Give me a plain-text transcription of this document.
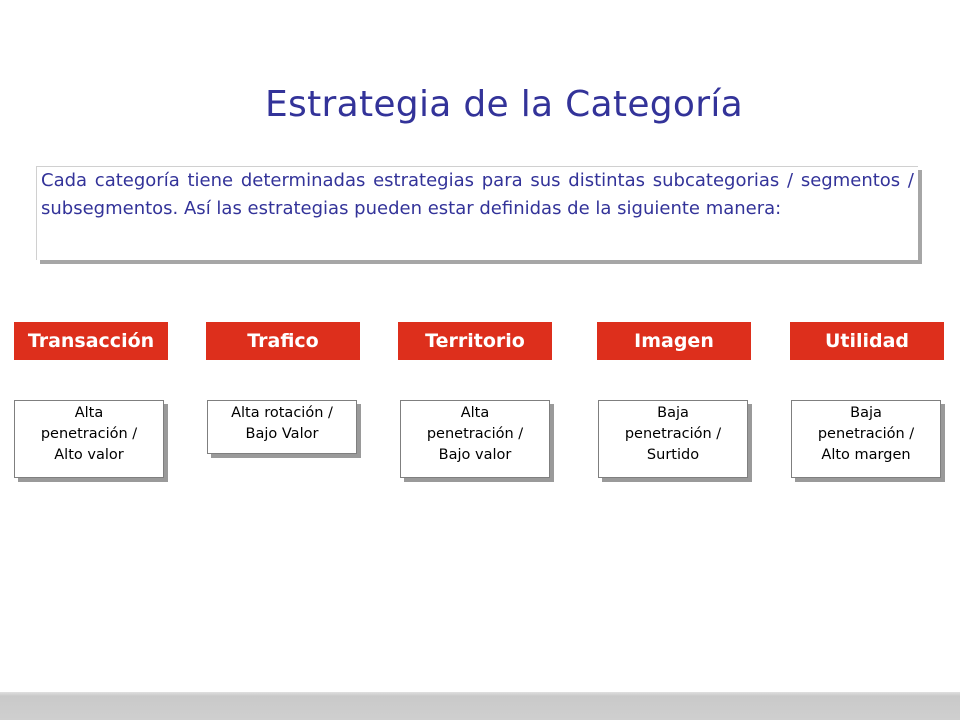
Estrategia de la Categoría
Cada categoría tiene determinadas estrategias para sus distintas subcategorias / segmentos / subsegmentos. Así las estrategias pueden estar definidas de la siguiente manera:
Transacción
Alta
penetración /
Alto valor
Trafico
Alta rotación /
Bajo Valor
Territorio
Alta
penetración /
Bajo valor
Imagen
Baja
penetración /
Surtido
Utilidad
Baja
penetración /
Alto margen
